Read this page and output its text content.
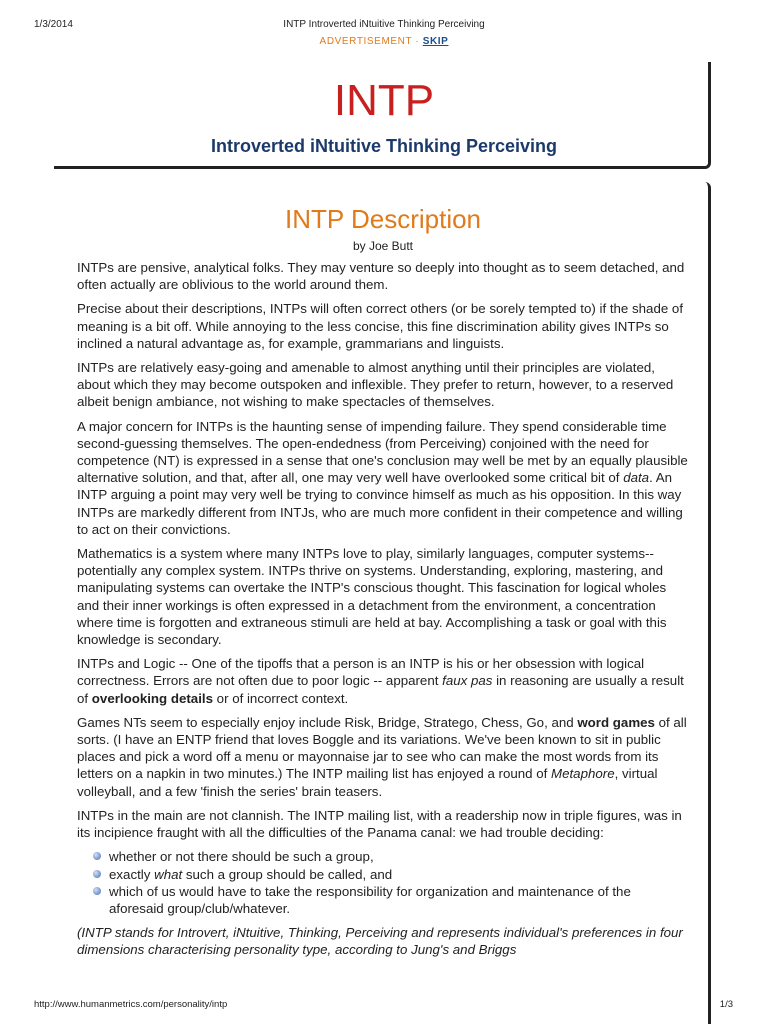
1/3/2014	INTP Introverted iNtuitive Thinking Perceiving
ADVERTISEMENT · SKIP
INTP
Introverted iNtuitive Thinking Perceiving
INTP Description
by Joe Butt

INTPs are pensive, analytical folks. They may venture so deeply into thought as to seem detached, and often actually are oblivious to the world around them.

Precise about their descriptions, INTPs will often correct others (or be sorely tempted to) if the shade of meaning is a bit off. While annoying to the less concise, this fine discrimination ability gives INTPs so inclined a natural advantage as, for example, grammarians and linguists.

INTPs are relatively easy-going and amenable to almost anything until their principles are violated, about which they may become outspoken and inflexible. They prefer to return, however, to a reserved albeit benign ambiance, not wishing to make spectacles of themselves.

A major concern for INTPs is the haunting sense of impending failure. They spend considerable time second-guessing themselves. The open-endedness (from Perceiving) conjoined with the need for competence (NT) is expressed in a sense that one's conclusion may well be met by an equally plausible alternative solution, and that, after all, one may very well have overlooked some critical bit of data. An INTP arguing a point may very well be trying to convince himself as much as his opposition. In this way INTPs are markedly different from INTJs, who are much more confident in their competence and willing to act on their convictions.

Mathematics is a system where many INTPs love to play, similarly languages, computer systems--potentially any complex system. INTPs thrive on systems. Understanding, exploring, mastering, and manipulating systems can overtake the INTP's conscious thought. This fascination for logical wholes and their inner workings is often expressed in a detachment from the environment, a concentration where time is forgotten and extraneous stimuli are held at bay. Accomplishing a task or goal with this knowledge is secondary.

INTPs and Logic -- One of the tipoffs that a person is an INTP is his or her obsession with logical correctness. Errors are not often due to poor logic -- apparent faux pas in reasoning are usually a result of overlooking details or of incorrect context.

Games NTs seem to especially enjoy include Risk, Bridge, Stratego, Chess, Go, and word games of all sorts. (I have an ENTP friend that loves Boggle and its variations. We've been known to sit in public places and pick a word off a menu or mayonnaise jar to see who can make the most words from its letters on a napkin in two minutes.) The INTP mailing list has enjoyed a round of Metaphore, virtual volleyball, and a few 'finish the series' brain teasers.

INTPs in the main are not clannish. The INTP mailing list, with a readership now in triple figures, was in its incipience fraught with all the difficulties of the Panama canal: we had trouble deciding:

whether or not there should be such a group,
exactly what such a group should be called, and
which of us would have to take the responsibility for organization and maintenance of the aforesaid group/club/whatever.

(INTP stands for Introvert, iNtuitive, Thinking, Perceiving and represents individual's preferences in four dimensions characterising personality type, according to Jung's and Briggs

http://www.humanmetrics.com/personality/intp	1/3
